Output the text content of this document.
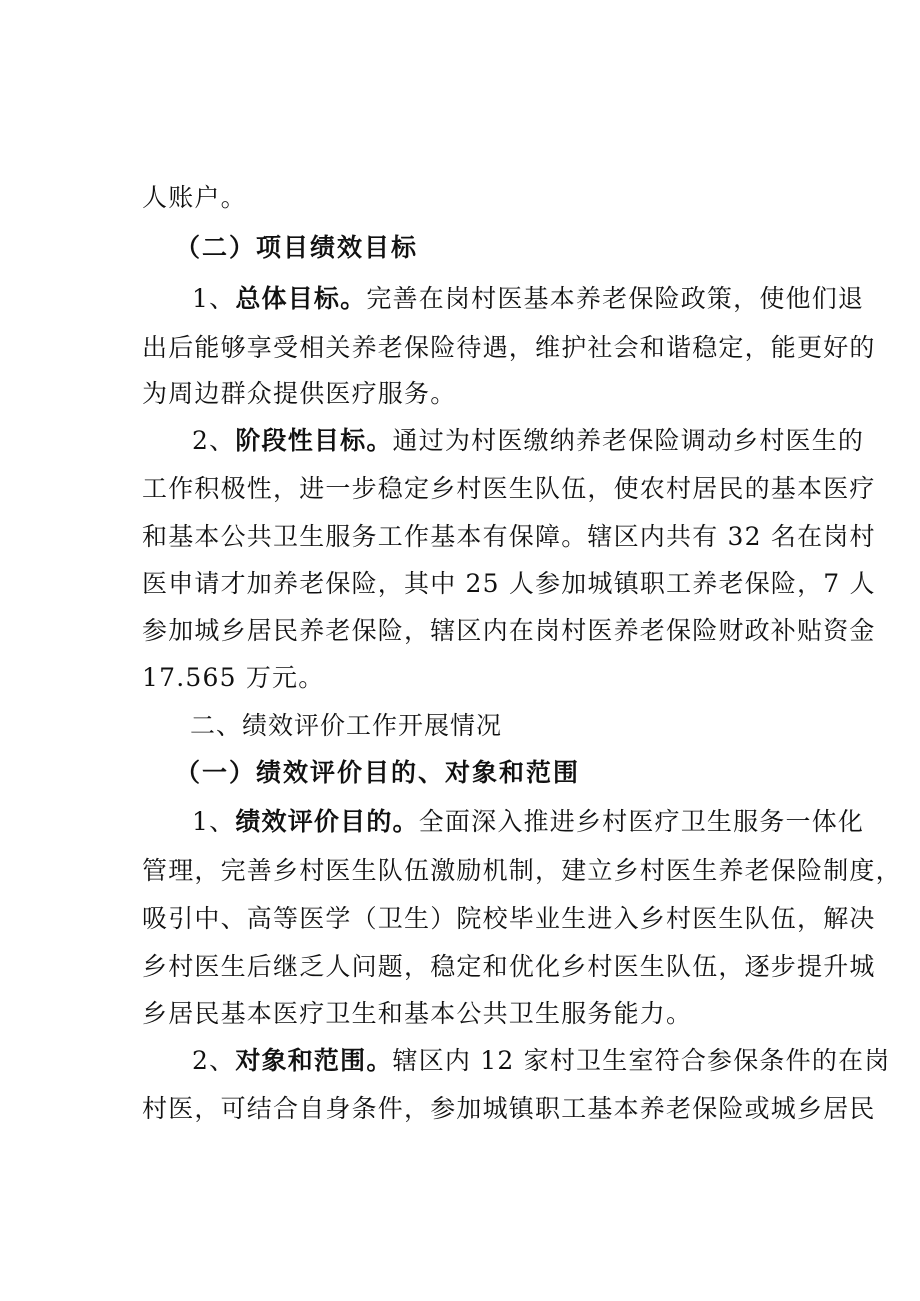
人账户。
（二）项目绩效目标
1、总体目标。完善在岗村医基本养老保险政策，使他们退
出后能够享受相关养老保险待遇，维护社会和谐稳定，能更好的
为周边群众提供医疗服务。
2、阶段性目标。通过为村医缴纳养老保险调动乡村医生的
工作积极性，进一步稳定乡村医生队伍，使农村居民的基本医疗
和基本公共卫生服务工作基本有保障。辖区内共有 32 名在岗村
医申请才加养老保险，其中 25 人参加城镇职工养老保险，7 人
参加城乡居民养老保险，辖区内在岗村医养老保险财政补贴资金
17.565 万元。
二、绩效评价工作开展情况
（一）绩效评价目的、对象和范围
1、绩效评价目的。全面深入推进乡村医疗卫生服务一体化
管理，完善乡村医生队伍激励机制，建立乡村医生养老保险制度，
吸引中、高等医学（卫生）院校毕业生进入乡村医生队伍，解决
乡村医生后继乏人问题，稳定和优化乡村医生队伍，逐步提升城
乡居民基本医疗卫生和基本公共卫生服务能力。
2、对象和范围。辖区内 12 家村卫生室符合参保条件的在岗
村医，可结合自身条件，参加城镇职工基本养老保险或城乡居民
